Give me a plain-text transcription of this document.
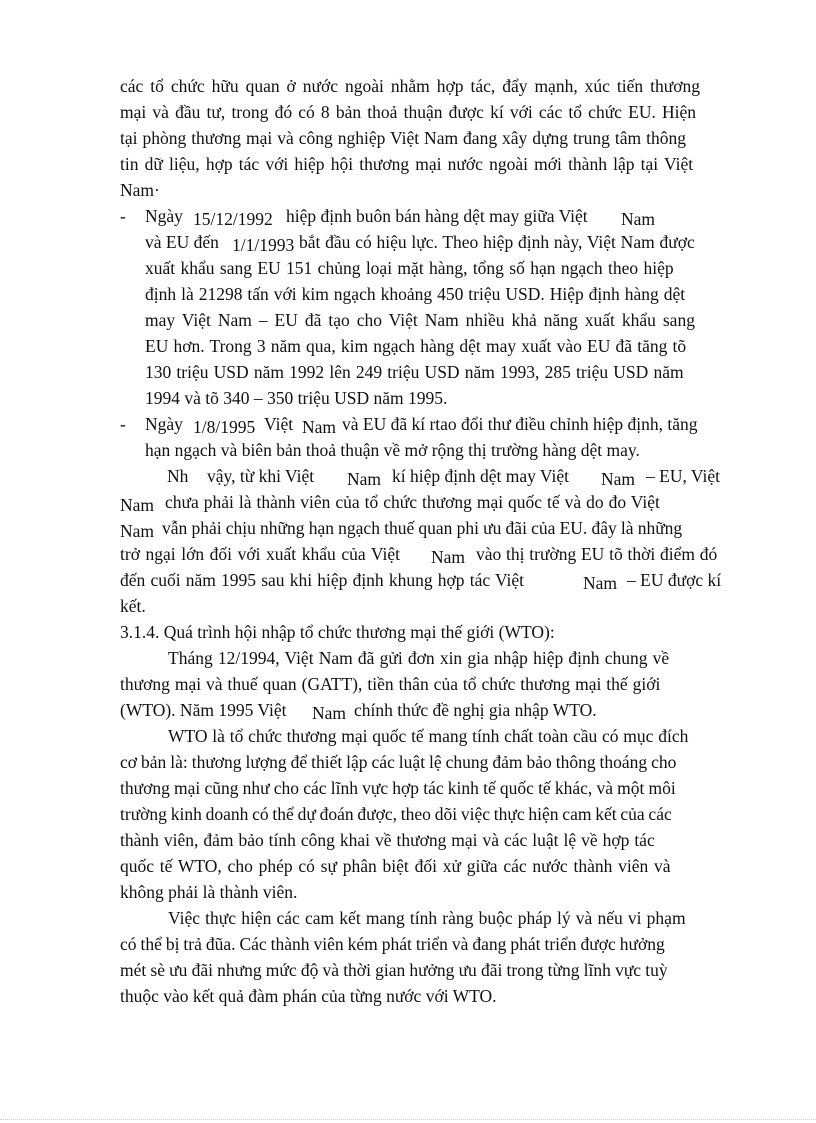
các tổ chức hữu quan ở nước ngoài nhằm hợp tác, đẩy mạnh, xúc tiến thương
mại và đầu tư, trong đó có 8 bản thoả thuận được kí với các tổ chức EU. Hiện
tại phòng thương mại và công nghiệp Việt Nam đang xây dựng trung tâm thông
tin dữ liệu, hợp tác với hiệp hội thương mại nước ngoài mới thành lập tại Việt
Nam·
- Ngày 15/12/1992 hiệp định buôn bán hàng dệt may giữa Việt Nam
và EU đến 1/1/1993 bắt đầu có hiệu lực. Theo hiệp định này, Việt Nam được
xuất khẩu sang EU 151 chủng loại mặt hàng, tổng số hạn ngạch theo hiệp
định là 21298 tấn với kim ngạch khoảng 450 triệu USD. Hiệp định hàng dệt
may Việt Nam – EU đã tạo cho Việt Nam nhiều khả năng xuất khẩu sang
EU hơn. Trong 3 năm qua, kim ngạch hàng dệt may xuất vào EU đã tăng tõ
130 triệu USD năm 1992 lên 249 triệu USD năm 1993, 285 triệu USD năm
1994 và tõ 340 – 350 triệu USD năm 1995.
- Ngày 1/8/1995 Việt Nam và EU đã kí rtao đổi thư điều chỉnh hiệp định, tăng
hạn ngạch và biên bản thoả thuận về mở rộng thị trường hàng dệt may.
Nh vậy, từ khi Việt Nam kí hiệp định dệt may Việt Nam – EU, Việt
Nam chưa phải là thành viên của tổ chức thương mại quốc tế và do đo Việt
Nam vẫn phải chịu những hạn ngạch thuế quan phi ưu đãi của EU. đây là những
trở ngại lớn đối với xuất khẩu của Việt Nam vào thị trường EU tõ thời điểm đó
đến cuối năm 1995 sau khi hiệp định khung hợp tác Việt	Nam – EU được kí
kết.
3.1.4. Quá trình hội nhập tổ chức thương mại thế giới (WTO):
Tháng 12/1994, Việt Nam đã gửi đơn xin gia nhập hiệp định chung về
thương mại và thuế quan (GATT), tiền thân của tổ chức thương mại thế giới
(WTO). Năm 1995 Việt Nam chính thức đề nghị gia nhập WTO.
WTO là tổ chức thương mại quốc tế mang tính chất toàn cầu có mục đích
cơ bản là: thương lượng để thiết lập các luật lệ chung đảm bảo thông thoáng cho
thương mại cũng như cho các lĩnh vực hợp tác kinh tế quốc tế khác, và một môi
trường kinh doanh có thể dự đoán được, theo dõi việc thực hiện cam kết của các
thành viên, đảm bảo tính công khai về thương mại và các luật lệ về hợp tác
quốc tế WTO, cho phép có sự phân biệt đối xử giữa các nước thành viên và
không phải là thành viên.
Việc thực hiện các cam kết mang tính ràng buộc pháp lý và nếu vi phạm
có thể bị trả đũa. Các thành viên kém phát triển và đang phát triển được hưởng
mét sè ưu đãi nhưng mức độ và thời gian hưởng ưu đãi trong từng lĩnh vực tuỳ
thuộc vào kết quả đàm phán của từng nước với WTO.
